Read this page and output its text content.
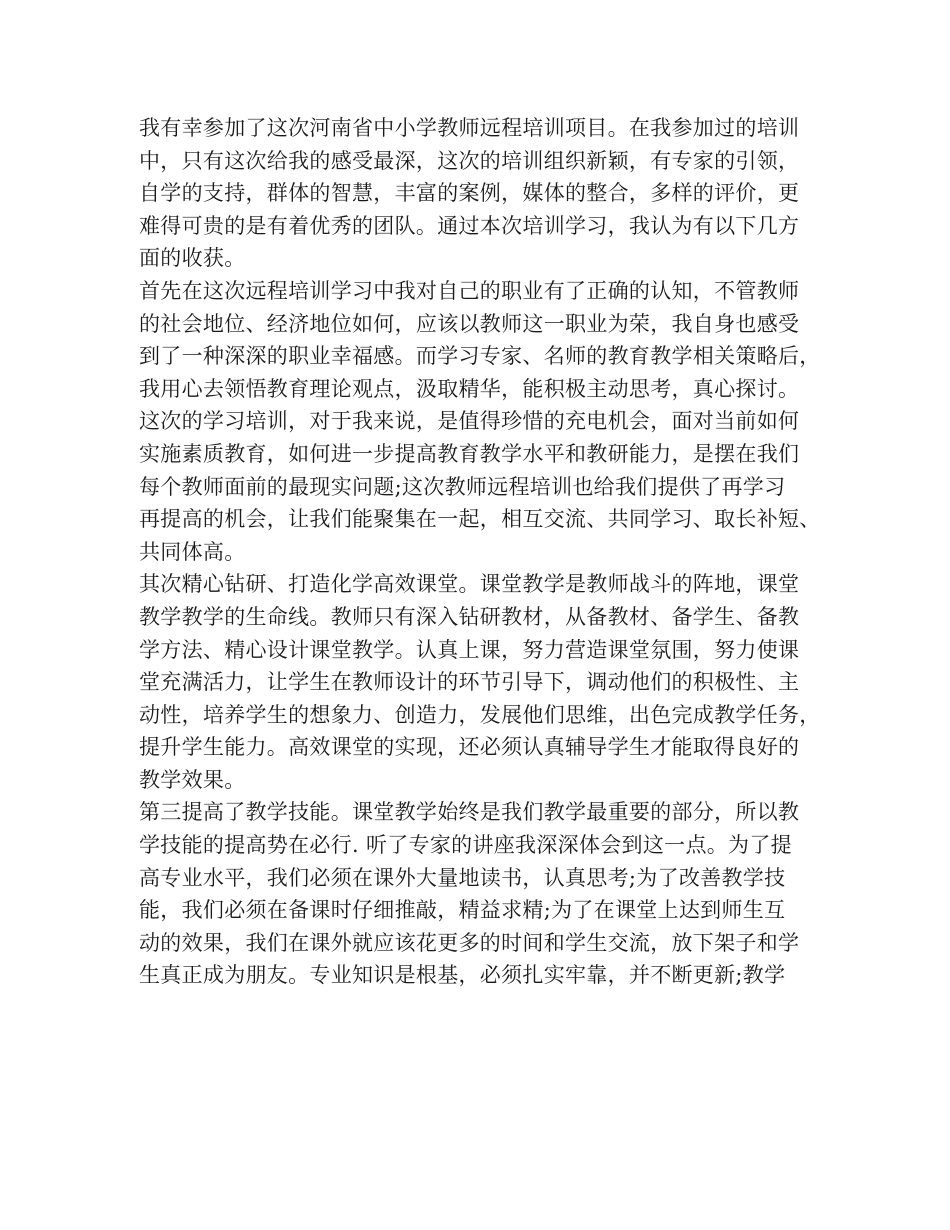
我有幸参加了这次河南省中小学教师远程培训项目。在我参加过的培训
中，只有这次给我的感受最深，这次的培训组织新颖，有专家的引领，
自学的支持，群体的智慧，丰富的案例，媒体的整合，多样的评价，更
难得可贵的是有着优秀的团队。通过本次培训学习，我认为有以下几方
面的收获。
首先在这次远程培训学习中我对自己的职业有了正确的认知，不管教师
的社会地位、经济地位如何，应该以教师这一职业为荣，我自身也感受
到了一种深深的职业幸福感。而学习专家、名师的教育教学相关策略后，
我用心去领悟教育理论观点，汲取精华，能积极主动思考，真心探讨。
这次的学习培训，对于我来说，是值得珍惜的充电机会，面对当前如何
实施素质教育，如何进一步提高教育教学水平和教研能力，是摆在我们
每个教师面前的最现实问题;这次教师远程培训也给我们提供了再学习
再提高的机会，让我们能聚集在一起，相互交流、共同学习、取长补短、
共同体高。
其次精心钻研、打造化学高效课堂。课堂教学是教师战斗的阵地，课堂
教学教学的生命线。教师只有深入钻研教材，从备教材、备学生、备教
学方法、精心设计课堂教学。认真上课，努力营造课堂氛围，努力使课
堂充满活力，让学生在教师设计的环节引导下，调动他们的积极性、主
动性，培养学生的想象力、创造力，发展他们思维，出色完成教学任务，
提升学生能力。高效课堂的实现，还必须认真辅导学生才能取得良好的
教学效果。
第三提高了教学技能。课堂教学始终是我们教学最重要的部分，所以教
学技能的提高势在必行. 听了专家的讲座我深深体会到这一点。为了提
高专业水平，我们必须在课外大量地读书，认真思考;为了改善教学技
能，我们必须在备课时仔细推敲，精益求精;为了在课堂上达到师生互
动的效果，我们在课外就应该花更多的时间和学生交流，放下架子和学
生真正成为朋友。专业知识是根基，必须扎实牢靠，并不断更新;教学
